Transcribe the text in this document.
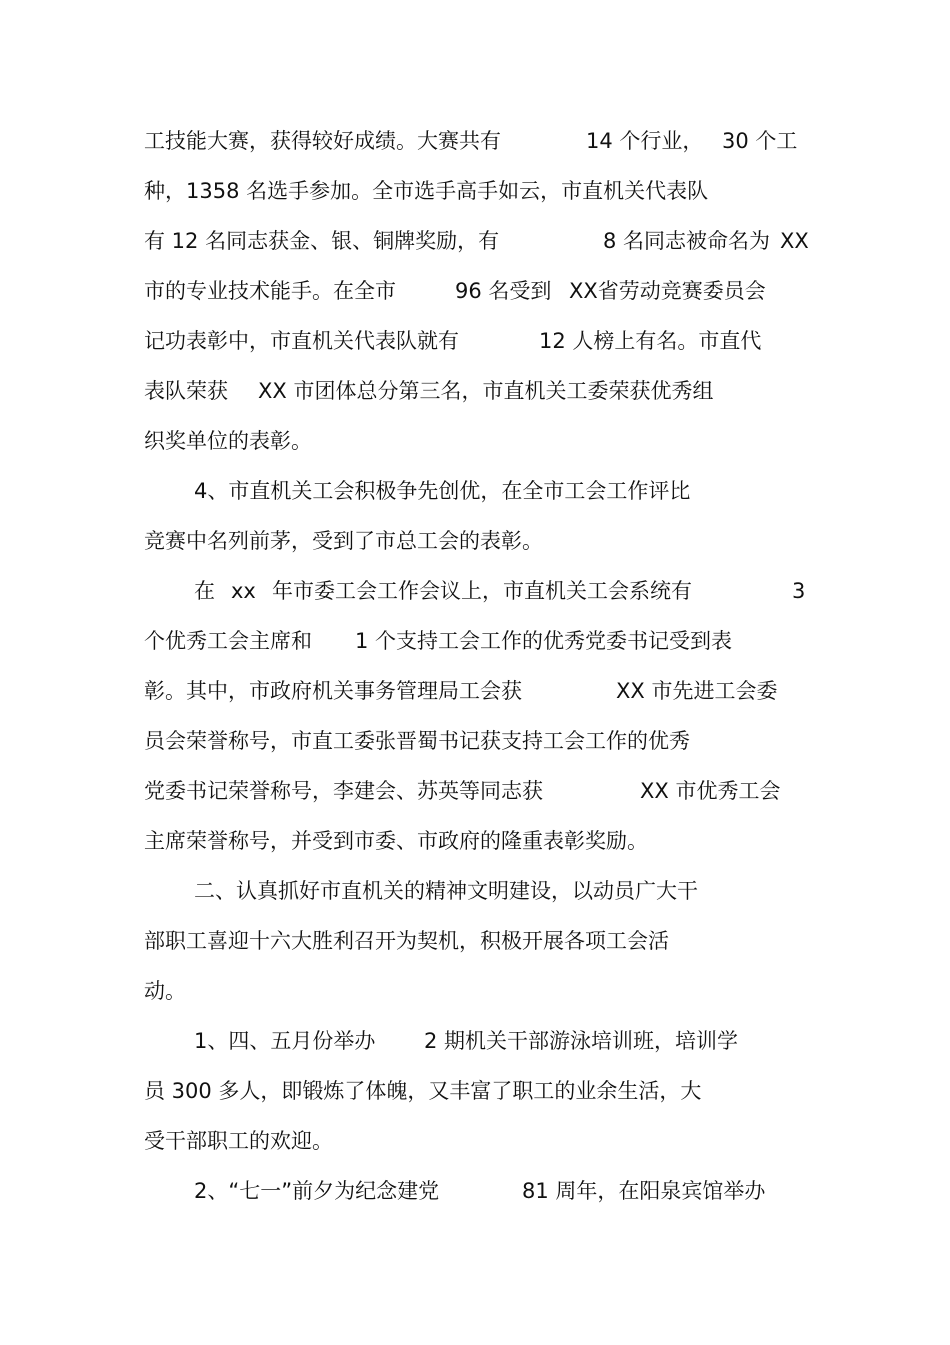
工技能大赛，获得较好成绩。大赛共有	14 个行业， 30 个工
种，1358 名选手参加。全市选手高手如云，市直机关代表队
有 12 名同志获金、银、铜牌奖励，有	8 名同志被命名为 XX
市的专业技术能手。在全市	96 名受到 XX省劳动竞赛委员会
记功表彰中，市直机关代表队就有	12 人榜上有名。市直代
表队荣获 XX 市团体总分第三名，市直机关工委荣获优秀组
织奖单位的表彰。
4、市直机关工会积极争先创优，在全市工会工作评比
竞赛中名列前茅，受到了市总工会的表彰。
在 xx 年市委工会工作会议上，市直机关工会系统有	3
个优秀工会主席和 1 个支持工会工作的优秀党委书记受到表
彰。其中，市政府机关事务管理局工会获	XX 市先进工会委
员会荣誉称号，市直工委张晋蜀书记获支持工会工作的优秀
党委书记荣誉称号，李建会、苏英等同志获	XX 市优秀工会
主席荣誉称号，并受到市委、市政府的隆重表彰奖励。
二、认真抓好市直机关的精神文明建设，以动员广大干
部职工喜迎十六大胜利召开为契机，积极开展各项工会活
动。
1、四、五月份举办 2 期机关干部游泳培训班，培训学
员 300 多人，即锻炼了体魄，又丰富了职工的业余生活，大
受干部职工的欢迎。
2、“七一”前夕为纪念建党	81 周年，在阳泉宾馆举办
